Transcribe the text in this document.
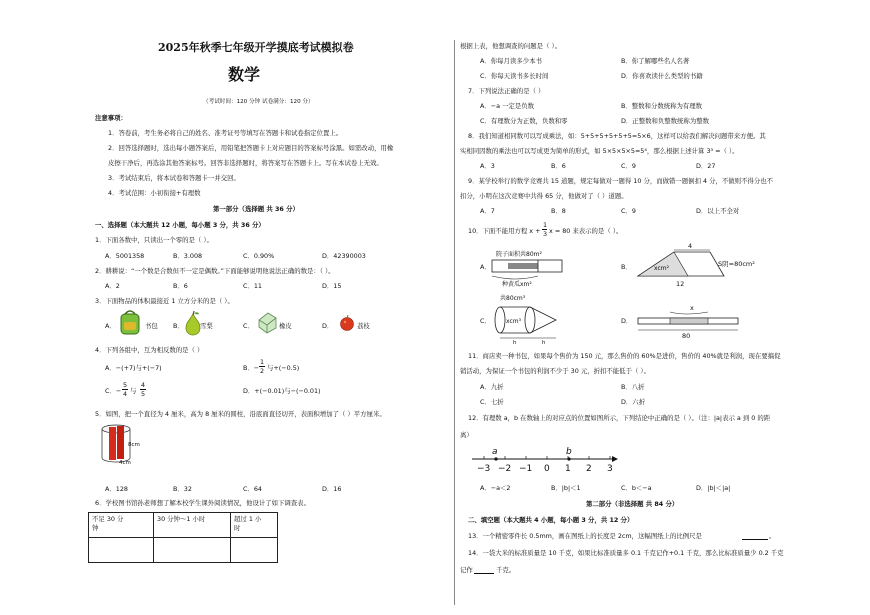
2025年秋季七年级开学摸底考试模拟卷
数学
（考试时间：120 分钟 试卷满分：120 分）
注意事项：
1．答卷前，考生务必将自己的姓名、准考证号等填写在答题卡和试卷指定位置上。
2．回答选择题时，选出每小题答案后，用铅笔把答题卡上对应题目的答案标号涂黑。如需改动，用橡
皮擦干净后，再选涂其他答案标号。回答非选择题时，将答案写在答题卡上。写在本试卷上无效。
3．考试结束后，将本试卷和答题卡一并交回。
4．考试范围：小初衔接+有理数
第一部分（选择题 共 36 分）
一、选择题（本大题共 12 小题，每小题 3 分，共 36 分）
1．下面各数中，只读出一个零的是（ ）。
A．5001358	B．3.008	C．0.90%	D．42390003
2．耕耕说：“一个数是合数但不一定是偶数。”下面能够说明他说法正确的数是：（ ）。
A．2	B．6	C．11	D．15
3．下面物品的体积最接近 1 立方分米的是（ ）。
A．	书包 B．	雪梨	C．	橡皮	D．	荔枝
4．下列各组中，互为相反数的是（ ）
A．−(+7)与+(−7)	B．−
1
2 与+(−0.5)
C．−
5
4 与
4
5	D．+(−0.01)与−(−0.01)
5．如图，把一个直径为 4 厘米，高为 8 厘米的圆柱，沿底面直径切开，表面积增加了（ ）平方厘米。
8cm
4cm
A．128	B．32	C．64	D．16
6．学校图书馆孙老师想了解本校学生课外阅读情况，他设计了如下调查表。
不足 30 分
钟	30 分钟～1 小时	超过 1 小
时

根据上表，他想调查的问题是（ ）。
A．你每月读多少本书	B．你了解哪些名人名著
C．你每天读书多长时间	D．你喜欢读什么类型的书籍
7．下列说法正确的是（ ）
A．−a 一定是负数	B．整数和分数统称为有理数
C．有理数分为正数，负数和零	D．正整数和负整数统称为整数
8．我们知道相同数可以写成乘法，如：5+5+5+5+5+5=5×6，这样可以给我们解决问题带来方便。其
实相同因数的乘法也可以写成更为简单的形式，如 5×5×5×5=5⁴，那么根据上述计算 3³ =（ ）。
A．3	B．6	C．9	D．27
9．某学校举行的数学竞赛共 15 道题，规定每做对一题得 10 分，而做错一题倒扣 4 分，不做则不得分也不
扣分，小明在这次竞赛中共得 65 分，他做对了（ ）道题。
A．7	B．8	C．9	D．以上不全对
10．下面不能用方程 x +
1
3 x = 80 来表示的是（ ）。
A．
院子面积共80m²
种黄瓜xm²
B．
4
xcm²
S阴=80cm²
12
C．
共80cm³
xcm³
h	h
D．
x
80
11．商店卖一种书包，如果每个售价为 150 元，那么售价的 60%是进价，售价的 40%就是利润，现在要搞促
销活动，为保证一个书包的利润不少于 30 元，折扣不能低于（ ）。
A．九折	B．八折
C．七折	D．六折
12．有理数 a，b 在数轴上的对应点的位置如图所示，下列结论中正确的是（ ）。（注：|a|表示 a 到 0 的距
离）
a	b
−3 −2 −1 0 1 2 3
A．−a＜2	B．|b|＜1	C．b＜−a	D．|b|＜|a|
第二部分（非选择题 共 84 分）
二、填空题（本大题共 4 小题，每小题 3 分，共 12 分）
13．一个精密零件长 0.5mm，画在图纸上的长度是 2cm，这幅图纸上的比例尺是	。
14．一袋大米的标准质量是 10 千克，如果比标准质量多 0.1 千克记作+0.1 千克，那么比标准质量少 0.2 千克
记作	千克。
